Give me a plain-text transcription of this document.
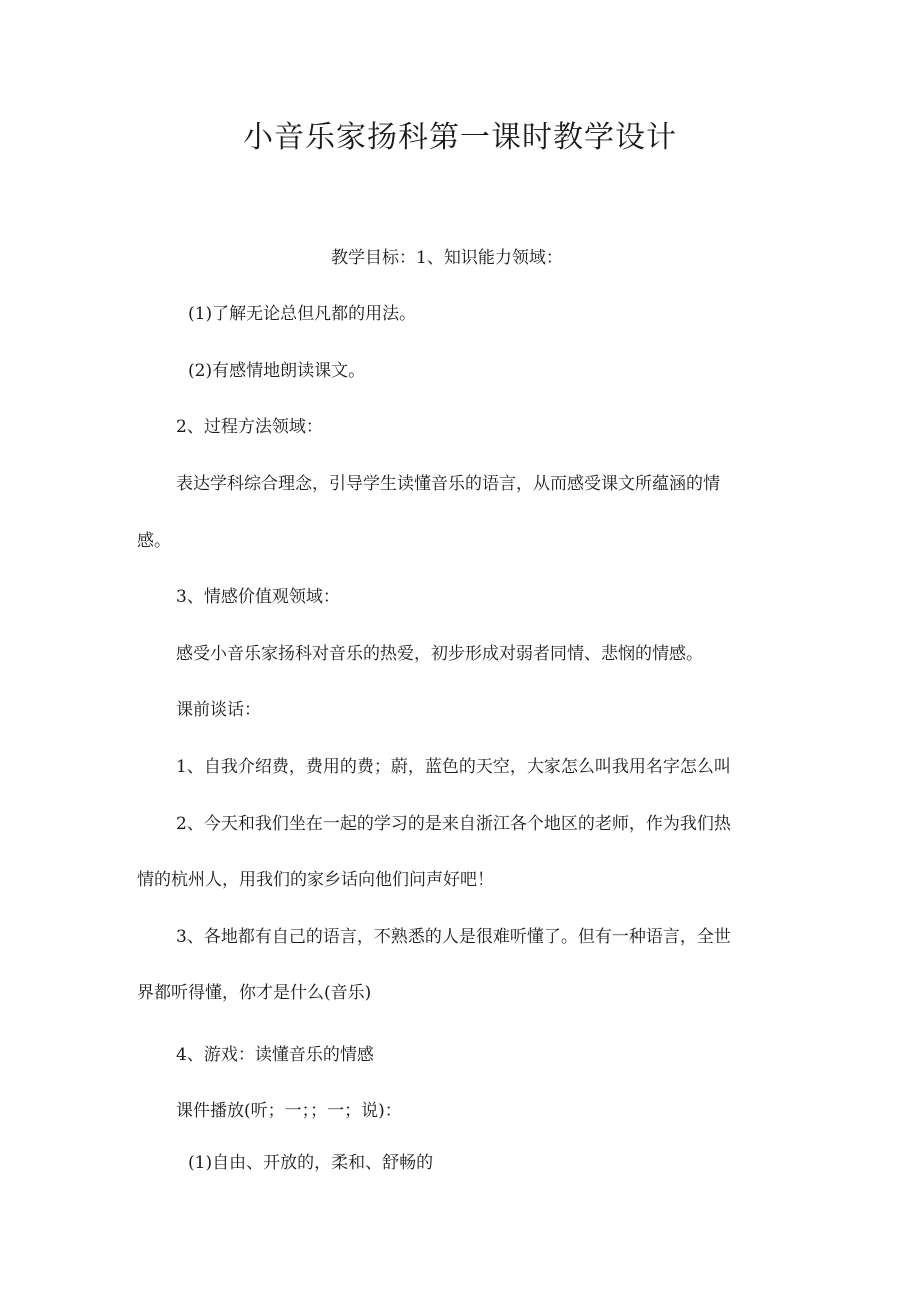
小音乐家扬科第一课时教学设计
教学目标：1、知识能力领域：
(1)了解无论总但凡都的用法。
(2)有感情地朗读课文。
2、过程方法领域：
表达学科综合理念，引导学生读懂音乐的语言，从而感受课文所蕴涵的情
感。
3、情感价值观领域：
感受小音乐家扬科对音乐的热爱，初步形成对弱者同情、悲悯的情感。
课前谈话：
1、自我介绍费，费用的费；蔚，蓝色的天空，大家怎么叫我用名字怎么叫
2、今天和我们坐在一起的学习的是来自浙江各个地区的老师，作为我们热
情的杭州人，用我们的家乡话向他们问声好吧！
3、各地都有自己的语言，不熟悉的人是很难听懂了。但有一种语言，全世
界都听得懂，你才是什么(音乐)
4、游戏：读懂音乐的情感
课件播放(听；一；；一；说)：
(1)自由、开放的，柔和、舒畅的
